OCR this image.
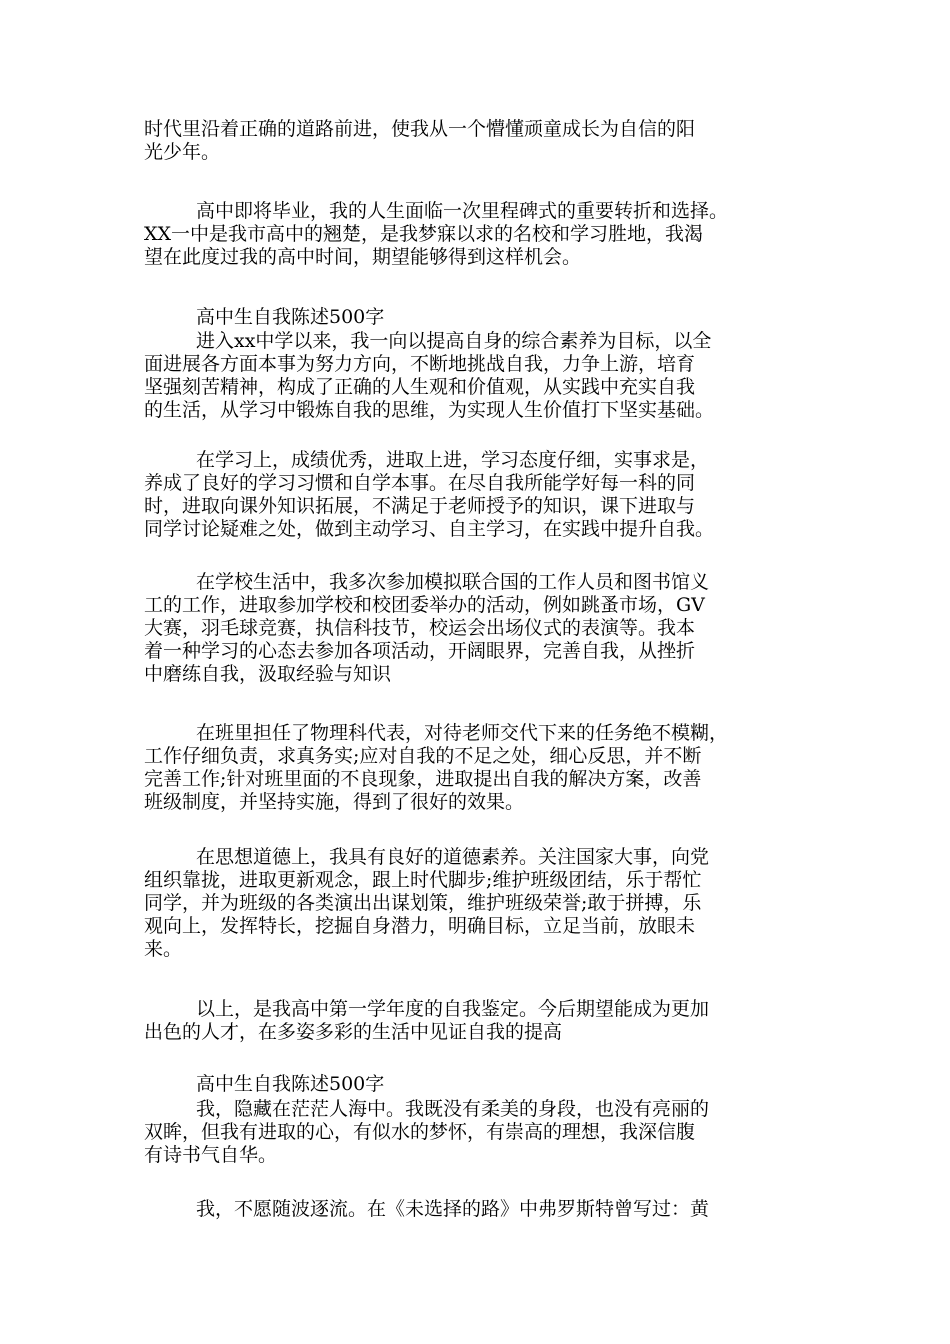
时代里沿着正确的道路前进，使我从一个懵懂顽童成长为自信的阳
光少年。
高中即将毕业，我的人生面临一次里程碑式的重要转折和选择。
XX一中是我市高中的翘楚，是我梦寐以求的名校和学习胜地，我渴
望在此度过我的高中时间，期望能够得到这样机会。
高中生自我陈述500字
进入xx中学以来，我一向以提高自身的综合素养为目标，以全
面进展各方面本事为努力方向，不断地挑战自我，力争上游，培育
坚强刻苦精神，构成了正确的人生观和价值观，从实践中充实自我
的生活，从学习中锻炼自我的思维，为实现人生价值打下坚实基础。
在学习上，成绩优秀，进取上进，学习态度仔细，实事求是，
养成了良好的学习习惯和自学本事。在尽自我所能学好每一科的同
时，进取向课外知识拓展，不满足于老师授予的知识，课下进取与
同学讨论疑难之处，做到主动学习、自主学习，在实践中提升自我。
在学校生活中，我多次参加模拟联合国的工作人员和图书馆义
工的工作，进取参加学校和校团委举办的活动，例如跳蚤市场，GV
大赛，羽毛球竞赛，执信科技节，校运会出场仪式的表演等。我本
着一种学习的心态去参加各项活动，开阔眼界，完善自我，从挫折
中磨练自我，汲取经验与知识
在班里担任了物理科代表，对待老师交代下来的任务绝不模糊，
工作仔细负责，求真务实;应对自我的不足之处，细心反思，并不断
完善工作;针对班里面的不良现象，进取提出自我的解决方案，改善
班级制度，并坚持实施，得到了很好的效果。
在思想道德上，我具有良好的道德素养。关注国家大事，向党
组织靠拢，进取更新观念，跟上时代脚步;维护班级团结，乐于帮忙
同学，并为班级的各类演出出谋划策，维护班级荣誉;敢于拼搏，乐
观向上，发挥特长，挖掘自身潜力，明确目标，立足当前，放眼未
来。
以上，是我高中第一学年度的自我鉴定。今后期望能成为更加
出色的人才，在多姿多彩的生活中见证自我的提高
高中生自我陈述500字
我，隐藏在茫茫人海中。我既没有柔美的身段，也没有亮丽的
双眸，但我有进取的心，有似水的梦怀，有崇高的理想，我深信腹
有诗书气自华。
我，不愿随波逐流。在《未选择的路》中弗罗斯特曾写过：黄
